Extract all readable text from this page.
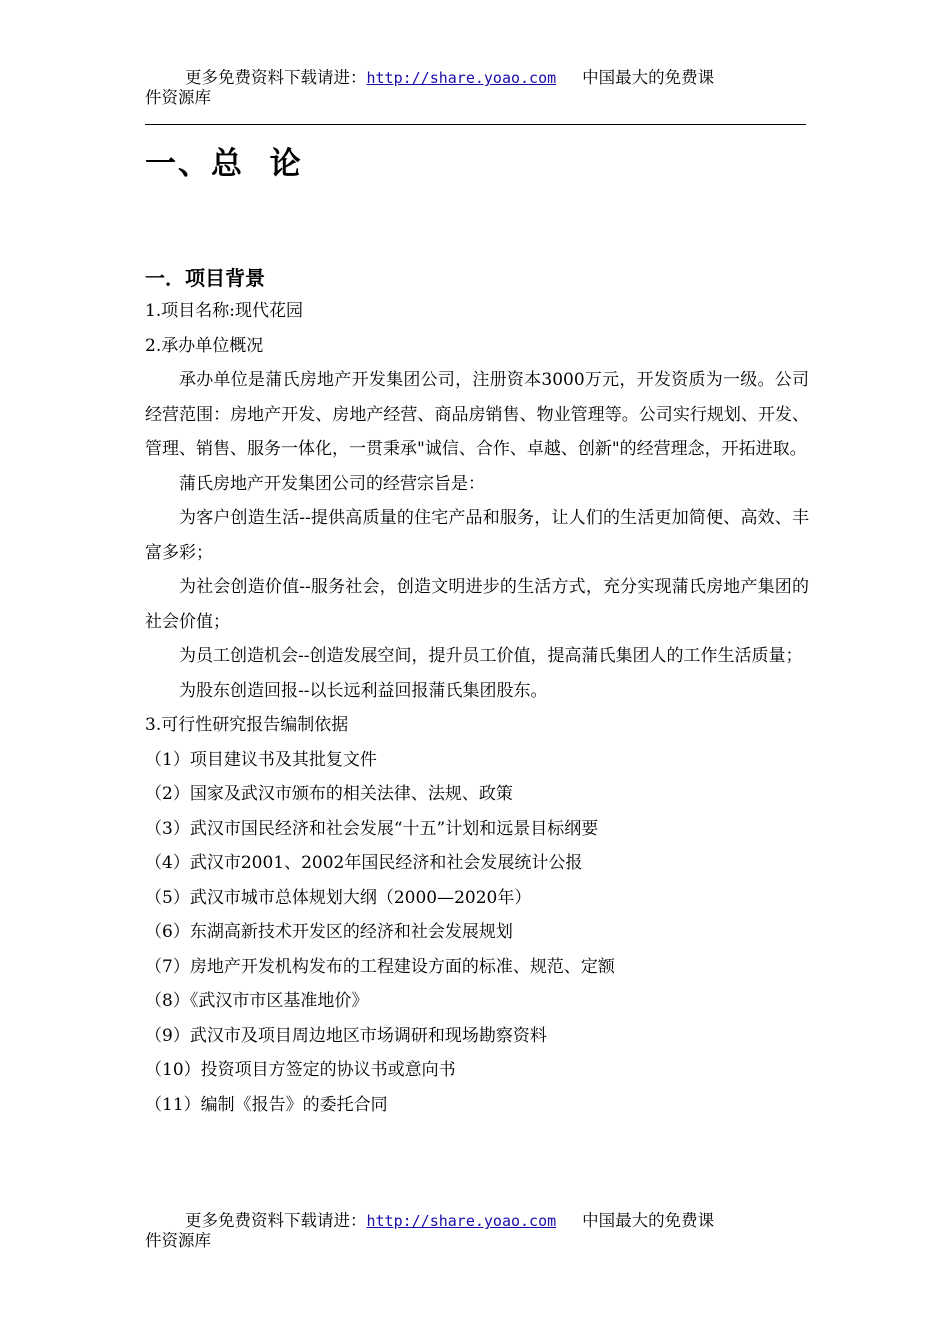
更多免费资料下载请进：http://share.yoao.com 中国最大的免费课
件资源库
一、总  论
一．项目背景

1.项目名称:现代花园

2.承办单位概况

承办单位是蒲氏房地产开发集团公司，注册资本3000万元，开发资质为一级。公司经营范围：房地产开发、房地产经营、商品房销售、物业管理等。公司实行规划、开发、管理、销售、服务一体化，一贯秉承"诚信、合作、卓越、创新"的经营理念，开拓进取。

蒲氏房地产开发集团公司的经营宗旨是：

为客户创造生活--提供高质量的住宅产品和服务，让人们的生活更加简便、高效、丰富多彩；

为社会创造价值--服务社会，创造文明进步的生活方式，充分实现蒲氏房地产集团的社会价值；

为员工创造机会--创造发展空间，提升员工价值，提高蒲氏集团人的工作生活质量；

为股东创造回报--以长远利益回报蒲氏集团股东。

3.可行性研究报告编制依据

（1）项目建议书及其批复文件

（2）国家及武汉市颁布的相关法律、法规、政策

（3）武汉市国民经济和社会发展“十五”计划和远景目标纲要

（4）武汉市2001、2002年国民经济和社会发展统计公报

（5）武汉市城市总体规划大纲（2000—2020年）

（6）东湖高新技术开发区的经济和社会发展规划

（7）房地产开发机构发布的工程建设方面的标准、规范、定额

（8）《武汉市市区基准地价》

（9）武汉市及项目周边地区市场调研和现场勘察资料

（10）投资项目方签定的协议书或意向书

（11）编制《报告》的委托合同

更多免费资料下载请进：http://share.yoao.com 中国最大的免费课
件资源库
